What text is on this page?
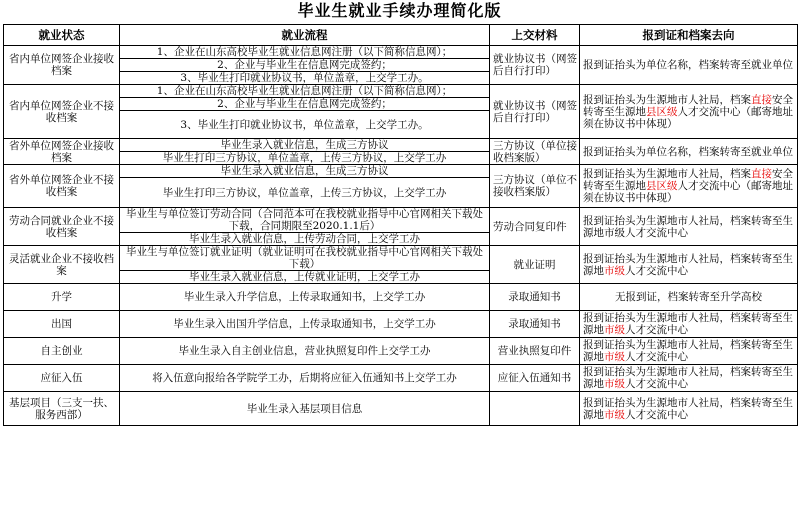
毕业生就业手续办理简化版
就业状态	就业流程	上交材料	报到证和档案去向
省内单位网签企业接收档案	1、企业在山东高校毕业生就业信息网注册（以下简称信息网）；	就业协议书（网签后自行打印）	报到证抬头为单位名称，档案转寄至就业单位
	2、企业与毕业生在信息网完成签约；		
	3、毕业生打印就业协议书，单位盖章，上交学工办。		
省内单位网签企业不接收档案	1、企业在山东高校毕业生就业信息网注册（以下简称信息网）；	就业协议书（网签后自行打印）	报到证抬头为生源地市人社局，档案直接安全转寄至生源地县区级人才交流中心（邮寄地址须在协议书中体现）
	2、企业与毕业生在信息网完成签约；		
	3、毕业生打印就业协议书，单位盖章，上交学工办。		
省外单位网签企业接收档案	毕业生录入就业信息，生成三方协议	三方协议（单位接收档案版）	报到证抬头为单位名称，档案转寄至就业单位
	毕业生打印三方协议，单位盖章，上传三方协议，上交学工办		
省外单位网签企业不接收档案	毕业生录入就业信息，生成三方协议	三方协议（单位不接收档案版）	报到证抬头为生源地市人社局，档案直接安全转寄至生源地县区级人才交流中心（邮寄地址须在协议书中体现）
	毕业生打印三方协议，单位盖章，上传三方协议，上交学工办		
劳动合同就业企业不接收档案	毕业生与单位签订劳动合同（合同范本可在我校就业指导中心官网相关下载处下载，合同期限至2020.1.1后）	劳动合同复印件	报到证抬头为生源地市人社局，档案转寄至生源地市级人才交流中心
	毕业生录入就业信息，上传劳动合同，上交学工办		
灵活就业企业不接收档案	毕业生与单位签订就业证明（就业证明可在我校就业指导中心官网相关下载处下载）	就业证明	报到证抬头为生源地市人社局，档案转寄至生源地市级人才交流中心
	毕业生录入就业信息，上传就业证明，上交学工办		
升学	毕业生录入升学信息，上传录取通知书，上交学工办	录取通知书	无报到证，档案转寄至升学高校
出国	毕业生录入出国升学信息，上传录取通知书，上交学工办	录取通知书	报到证抬头为生源地市人社局，档案转寄至生源地市级人才交流中心
自主创业	毕业生录入自主创业信息，营业执照复印件上交学工办	营业执照复印件	报到证抬头为生源地市人社局，档案转寄至生源地市级人才交流中心
应征入伍	将入伍意向报给各学院学工办，后期将应征入伍通知书上交学工办	应征入伍通知书	报到证抬头为生源地市人社局，档案转寄至生源地市级人才交流中心
基层项目（三支一扶、服务西部）	毕业生录入基层项目信息		报到证抬头为生源地市人社局，档案转寄至生源地市级人才交流中心
